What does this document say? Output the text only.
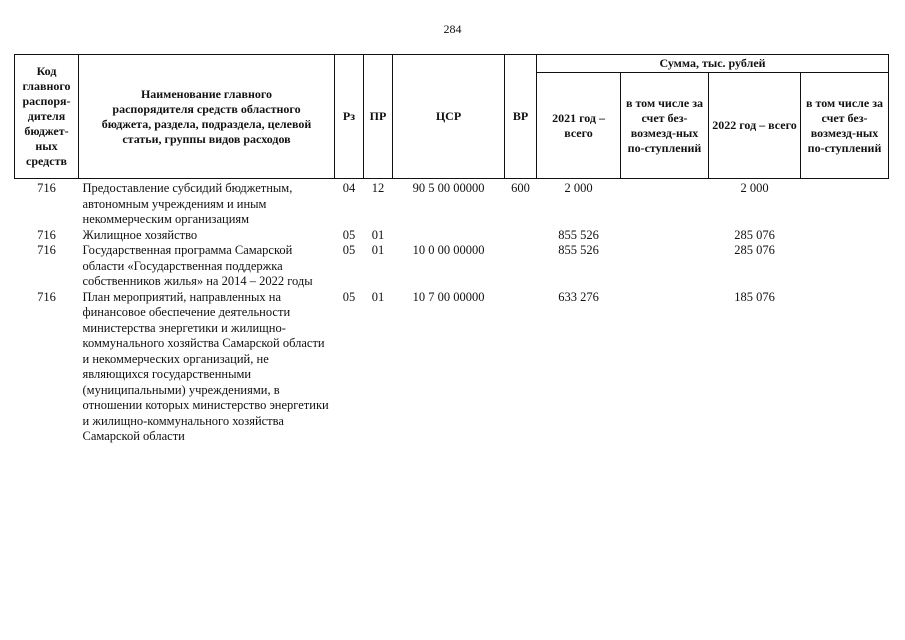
284
Код главного распоря-дителя бюджет-ных средств	Наименование главного распорядителя средств областного бюджета, раздела, подраздела, целевой статьи, группы видов расходов	Рз	ПР	ЦСР	ВР	Сумма, тыс. рублей			
						2021 год – всего	в том числе за счет без-возмезд-ных по-ступлений	2022 год – всего	в том числе за счет без-возмезд-ных по-ступлений
716	Предоставление субсидий бюджетным, автономным учреждениям и иным некоммерческим организациям	04	12	90 5 00 00000	600	2 000		2 000	
716	Жилищное хозяйство	05	01			855 526		285 076	
716	Государственная программа Самарской области «Государственная поддержка собственников жилья» на 2014 – 2022 годы	05	01	10 0 00 00000		855 526		285 076	
716	План мероприятий, направленных на финансовое обеспечение деятельности министерства энергетики и жилищно-коммунального хозяйства Самарской области и некоммерческих организаций, не являющихся государственными (муниципальными) учреждениями, в отношении которых министерство энергетики и жилищно-коммунального хозяйства Самарской области	05	01	10 7 00 00000		633 276		185 076	
